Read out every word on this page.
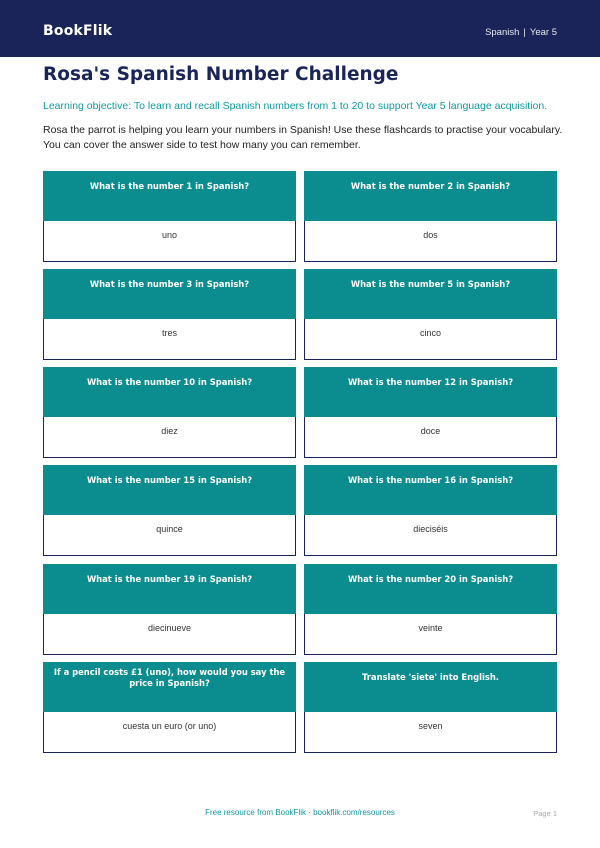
BookFlik	Spanish | Year 5
Rosa's Spanish Number Challenge
Learning objective: To learn and recall Spanish numbers from 1 to 20 to support Year 5 language acquisition.
Rosa the parrot is helping you learn your numbers in Spanish! Use these flashcards to practise your vocabulary. You can cover the answer side to test how many you can remember.
What is the number 1 in Spanish?
uno
What is the number 2 in Spanish?
dos
What is the number 3 in Spanish?
tres
What is the number 5 in Spanish?
cinco
What is the number 10 in Spanish?
diez
What is the number 12 in Spanish?
doce
What is the number 15 in Spanish?
quince
What is the number 16 in Spanish?
dieciséis
What is the number 19 in Spanish?
diecinueve
What is the number 20 in Spanish?
veinte
If a pencil costs £1 (uno), how would you say the price in Spanish?
cuesta un euro (or uno)
Translate 'siete' into English.
seven
Free resource from BookFlik · bookflik.com/resources	Page 1
